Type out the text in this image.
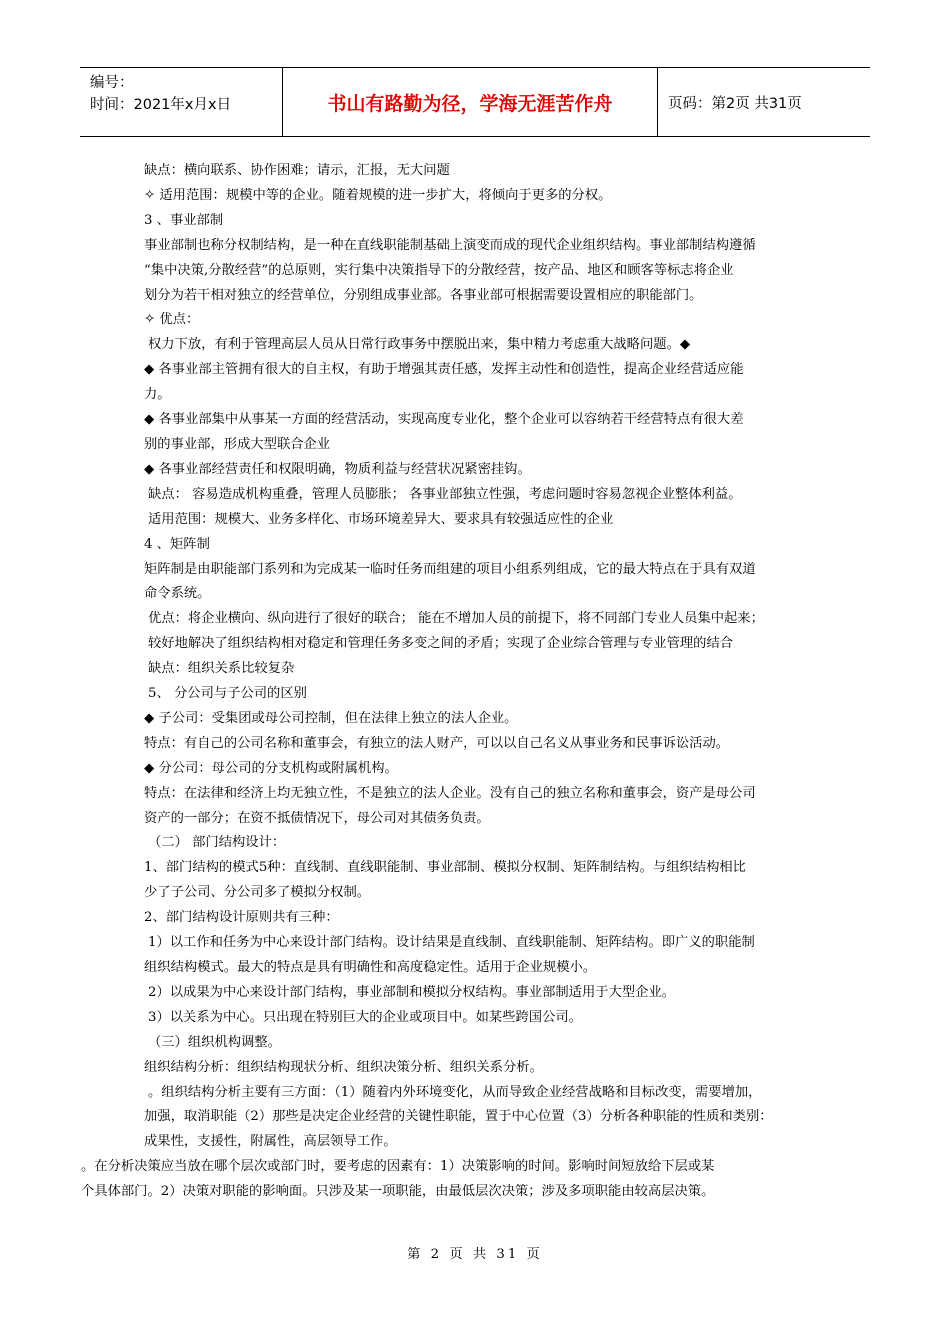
编号：
时间：2021年x月x日	书山有路勤为径，学海无涯苦作舟	页码：第2页 共31页

缺点：横向联系、协作困难；请示，汇报，无大问题

✧ 适用范围：规模中等的企业。随着规模的进一步扩大，将倾向于更多的分权。

3 、事业部制

事业部制也称分权制结构，是一种在直线职能制基础上演变而成的现代企业组织结构。事业部制结构遵循

“集中决策,分散经营”的总原则，实行集中决策指导下的分散经营，按产品、地区和顾客等标志将企业

划分为若干相对独立的经营单位，分别组成事业部。各事业部可根据需要设置相应的职能部门。

✧ 优点：

权力下放，有利于管理高层人员从日常行政事务中摆脱出来，集中精力考虑重大战略问题。◆

◆ 各事业部主管拥有很大的自主权，有助于增强其责任感，发挥主动性和创造性，提高企业经营适应能

力。

◆ 各事业部集中从事某一方面的经营活动，实现高度专业化，整个企业可以容纳若干经营特点有很大差

别的事业部，形成大型联合企业

◆ 各事业部经营责任和权限明确，物质利益与经营状况紧密挂钩。

缺点： 容易造成机构重叠，管理人员膨胀； 各事业部独立性强，考虑问题时容易忽视企业整体利益。

适用范围：规模大、业务多样化、市场环境差异大、要求具有较强适应性的企业

4 、矩阵制

矩阵制是由职能部门系列和为完成某一临时任务而组建的项目小组系列组成，它的最大特点在于具有双道

命令系统。

优点：将企业横向、纵向进行了很好的联合； 能在不增加人员的前提下，将不同部门专业人员集中起来；

较好地解决了组织结构相对稳定和管理任务多变之间的矛盾；实现了企业综合管理与专业管理的结合

缺点：组织关系比较复杂

5、 分公司与子公司的区别

◆ 子公司：受集团或母公司控制，但在法律上独立的法人企业。

特点：有自己的公司名称和董事会，有独立的法人财产，可以以自己名义从事业务和民事诉讼活动。

◆ 分公司：母公司的分支机构或附属机构。

特点：在法律和经济上均无独立性，不是独立的法人企业。没有自己的独立名称和董事会，资产是母公司

资产的一部分；在资不抵债情况下，母公司对其债务负责。

（二） 部门结构设计：

1、部门结构的模式5种：直线制、直线职能制、事业部制、模拟分权制、矩阵制结构。与组织结构相比

少了子公司、分公司多了模拟分权制。

2、部门结构设计原则共有三种：

1）以工作和任务为中心来设计部门结构。设计结果是直线制、直线职能制、矩阵结构。即广义的职能制

组织结构模式。最大的特点是具有明确性和高度稳定性。适用于企业规模小。

2）以成果为中心来设计部门结构，事业部制和模拟分权结构。事业部制适用于大型企业。

3）以关系为中心。只出现在特别巨大的企业或项目中。如某些跨国公司。

（三）组织机构调整。

组织结构分析：组织结构现状分析、组织决策分析、组织关系分析。

。组织结构分析主要有三方面：（1）随着内外环境变化，从而导致企业经营战略和目标改变，需要增加，

加强，取消职能（2）那些是决定企业经营的关键性职能，置于中心位置（3）分析各种职能的性质和类别：

成果性，支援性，附属性，高层领导工作。

。在分析决策应当放在哪个层次或部门时，要考虑的因素有：1）决策影响的时间。影响时间短放给下层或某

个具体部门。2）决策对职能的影响面。只涉及某一项职能，由最低层次决策；涉及多项职能由较高层决策。

第 2 页 共 31 页
